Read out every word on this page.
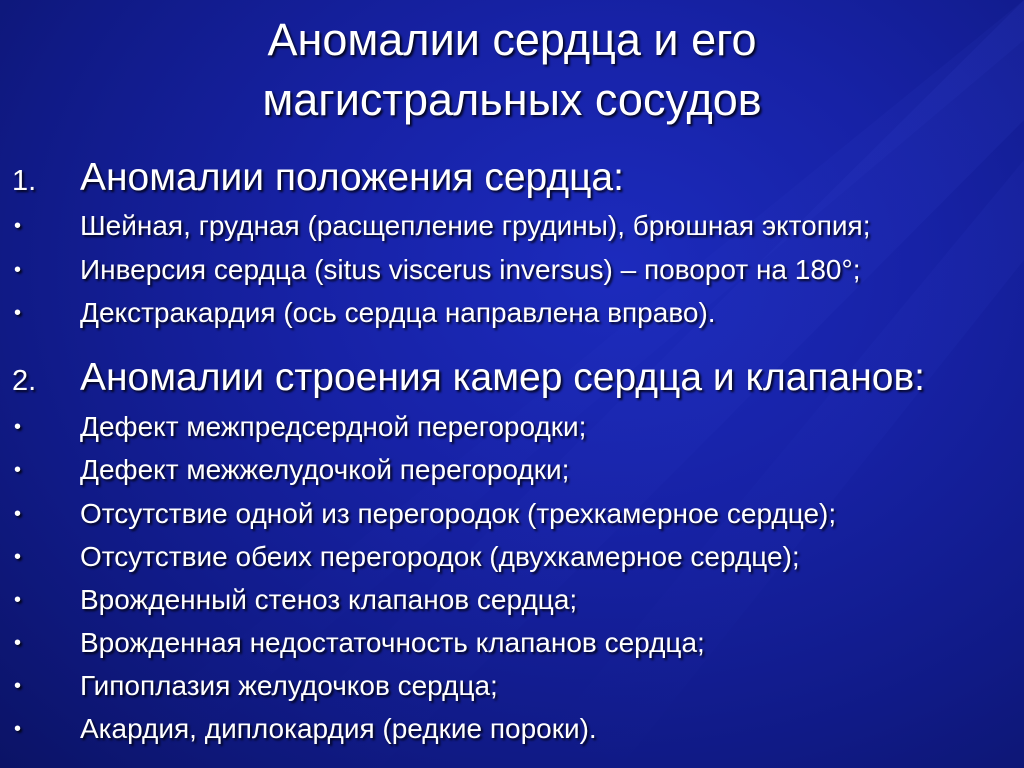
Аномалии сердца и его
магистральных сосудов
1. Аномалии положения сердца:
• Шейная, грудная (расщепление грудины), брюшная эктопия;
• Инверсия сердца (situs viscerus inversus) – поворот на 180°;
• Декстракардия (ось сердца направлена вправо).
2. Аномалии строения камер сердца и клапанов:
• Дефект межпредсердной перегородки;
• Дефект межжелудочкой перегородки;
• Отсутствие одной из перегородок (трехкамерное сердце);
• Отсутствие обеих перегородок (двухкамерное сердце);
• Врожденный стеноз клапанов сердца;
• Врожденная недостаточность клапанов сердца;
• Гипоплазия желудочков сердца;
• Акардия, диплокардия (редкие пороки).
